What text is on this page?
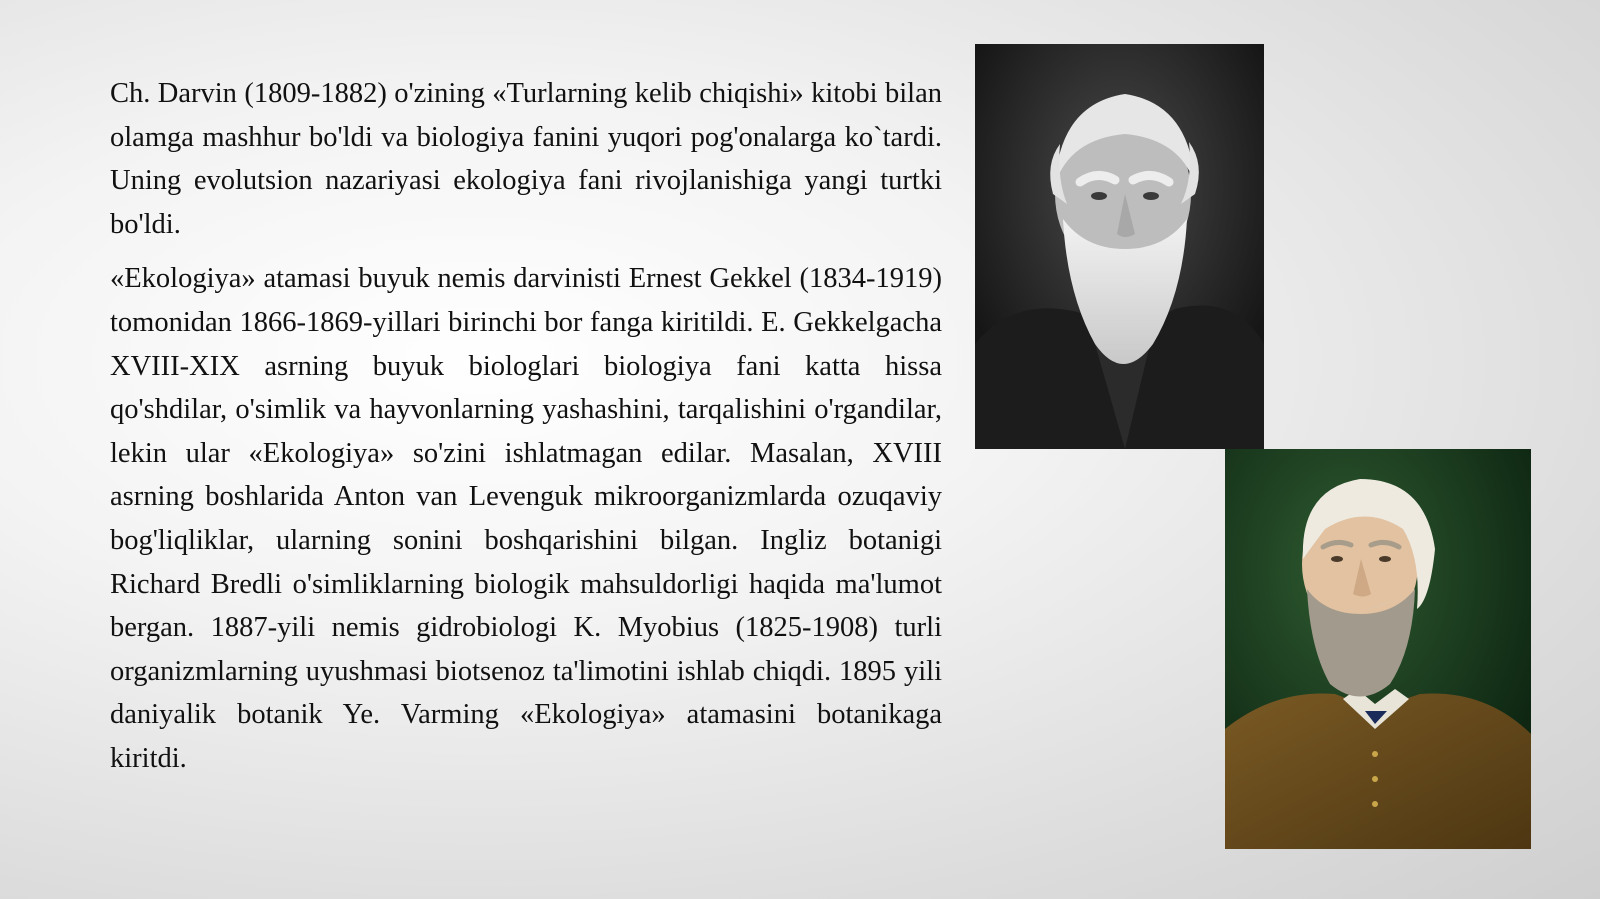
Ch. Darvin (1809-1882) o'zining «Turlarning kelib chiqishi» kitobi bilan olamga mashhur bo'ldi va biologiya fanini yuqori pog'onalarga ko`tardi. Uning evolutsion nazariyasi ekologiya fani rivojlanishiga yangi turtki bo'ldi.

«Ekologiya» atamasi buyuk nemis darvinisti Ernest Gekkel (1834-1919) tomonidan 1866-1869-yillari birinchi bor fanga kiritildi. E. Gekkelgacha XVIII-XIX asrning buyuk biologlari biologiya fani katta hissa qo'shdilar, o'simlik va hayvonlarning yashashini, tarqalishini o'rgandilar, lekin ular «Ekologiya» so'zini ishlatmagan edilar. Masalan, XVIII asrning boshlarida Anton van Levenguk mikroorganizmlarda ozuqaviy bog'liqliklar, ularning sonini boshqarishini bilgan. Ingliz botanigi Richard Bredli o'simliklarning biologik mahsuldorligi haqida ma'lumot bergan. 1887-yili nemis gidrobiologi K. Myobius (1825-1908) turli organizmlarning uyushmasi biotsenoz ta'limotini ishlab chiqdi. 1895 yili daniyalik botanik Ye. Varming «Ekologiya» atamasini botanikaga kiritdi.
